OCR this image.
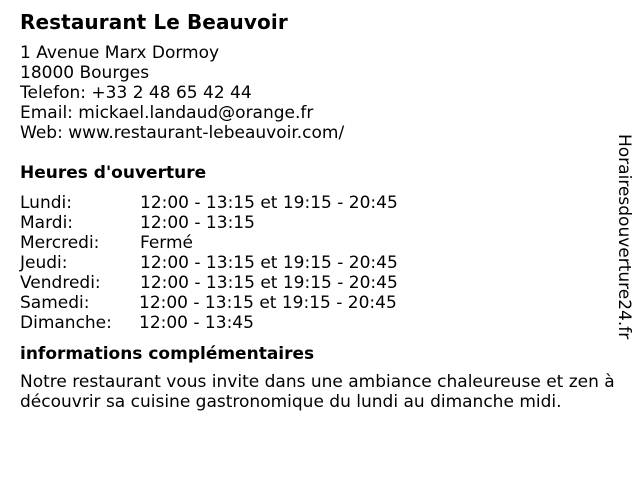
Restaurant Le Beauvoir
1 Avenue Marx Dormoy
18000 Bourges
Telefon: +33 2 48 65 42 44
Email: mickael.landaud@orange.fr
Web: www.restaurant-lebeauvoir.com/
Heures d'ouverture
Lundi:	12:00 - 13:15 et 19:15 - 20:45
Mardi:	12:00 - 13:15
Mercredi: Fermé
Jeudi:	12:00 - 13:15 et 19:15 - 20:45
Vendredi: 12:00 - 13:15 et 19:15 - 20:45
Samedi:	12:00 - 13:15 et 19:15 - 20:45
Dimanche: 12:00 - 13:45
informations complémentaires
Notre restaurant vous invite dans une ambiance chaleureuse et zen à découvrir sa cuisine gastronomique du lundi au dimanche midi.
Horairesdouverture24.fr
